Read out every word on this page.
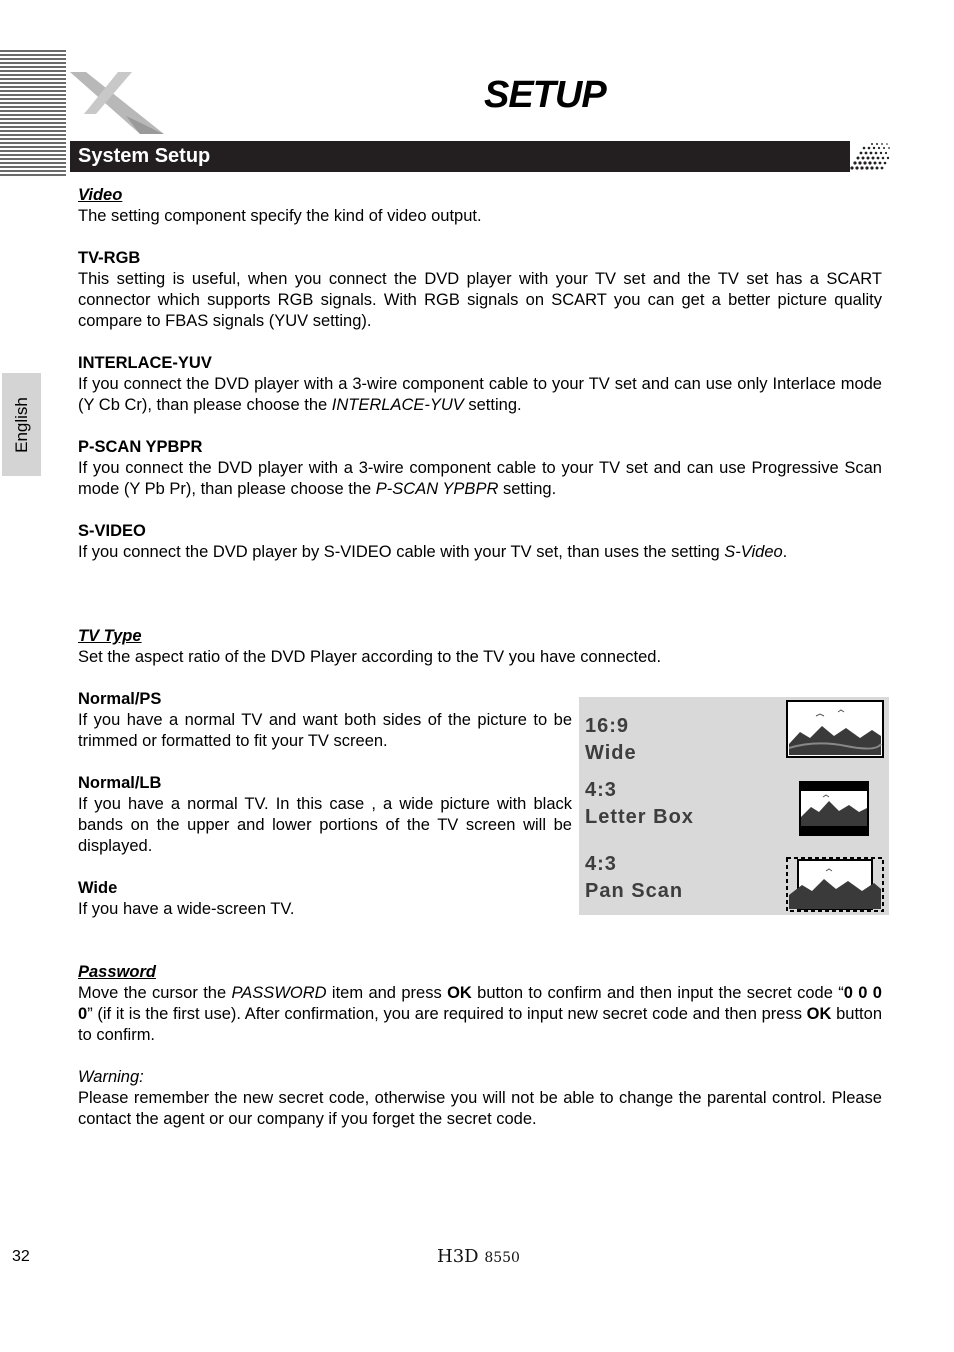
SETUP
System Setup
English

Video

The setting component specify the kind of video output.

TV-RGB

This setting is useful, when you connect the DVD player with your TV set and the TV set has a SCART connector which supports RGB signals. With RGB signals on SCART you can get a better picture quality compare to FBAS signals (YUV setting).

INTERLACE-YUV

If you connect the DVD player with a 3-wire component cable to your TV set and can use only Interlace mode (Y Cb Cr), than please choose the INTERLACE-YUV setting.

P-SCAN YPBPR

If you connect the DVD player with a 3-wire component cable to your TV set and can use Progressive Scan mode (Y Pb Pr), than please choose the P-SCAN YPBPR setting.

S-VIDEO

If you connect the DVD player by S-VIDEO cable with your TV set, than uses the setting S-Video.

TV Type

Set the aspect ratio of the DVD Player according to the TV you have connected.

Normal/PS

If you have a normal TV and want both sides of the picture to be trimmed or formatted to fit your TV screen.

Normal/LB

If you have a normal TV. In this case , a wide picture with black bands on the upper and lower portions of the TV screen will be displayed.

Wide

If you have a wide-screen TV.

Password

Move the cursor the PASSWORD item and press OK button to confirm and then input the secret code “0 0 0 0” (if it is the first use). After confirmation, you are required to input new secret code and then press OK button to confirm.

Warning:

Please remember the new secret code, otherwise you will not be able to change the parental control. Please contact the agent or our company if you forget the secret code.

16:9
Wide
4:3
Letter Box
4:3
Pan Scan
32	H3D 8550
